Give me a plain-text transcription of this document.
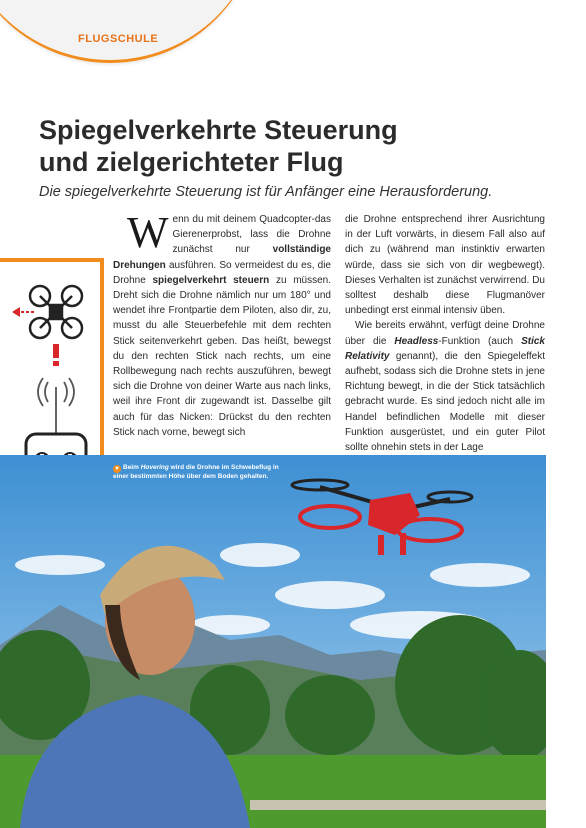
FLUGSCHULE
Spiegelverkehrte Steuerung
und zielgerichteter Flug

Die spiegelverkehrte Steuerung ist für Anfänger eine Herausforderung.

Wenn du mit deinem Quadcopter-das Gierenerprobst, lass die Drohne zunächst nur vollständige Drehungen ausführen. So vermeidest du es, die Drohne spiegelverkehrt steuern zu müssen. Dreht sich die Drohne nämlich nur um 180° und wendet ihre Frontpartie dem Piloten, also dir, zu, musst du alle Steuerbefehle mit dem rechten Stick seitenverkehrt geben. Das heißt, bewegst du den rechten Stick nach rechts, um eine Rollbewegung nach rechts auszuführen, bewegt sich die Drohne von deiner Warte aus nach links, weil ihre Front dir zugewandt ist. Dasselbe gilt auch für das Nicken: Drückst du den rechten Stick nach vorne, bewegt sich

die Drohne entsprechend ihrer Ausrichtung in der Luft vorwärts, in diesem Fall also auf dich zu (während man instinktiv erwarten würde, dass sie sich von dir wegbewegt). Dieses Verhalten ist zunächst verwirrend. Du solltest deshalb diese Flugmanöver unbedingt erst einmal intensiv üben.

Wie bereits erwähnt, verfügt deine Drohne über die Headless-Funktion (auch Stick Relativity genannt), die den Spiegeleffekt aufhebt, sodass sich die Drohne stets in jene Richtung bewegt, in die der Stick tatsächlich gebracht wurde. Es sind jedoch nicht alle im Handel befindlichen Modelle mit dieser Funktion ausgerüstet, und ein guter Pilot sollte ohnehin stets in der Lage

▾ Beim Hovering wird die Drohne im Schwebeflug in einer bestimmten Höhe über dem Boden gehalten.
